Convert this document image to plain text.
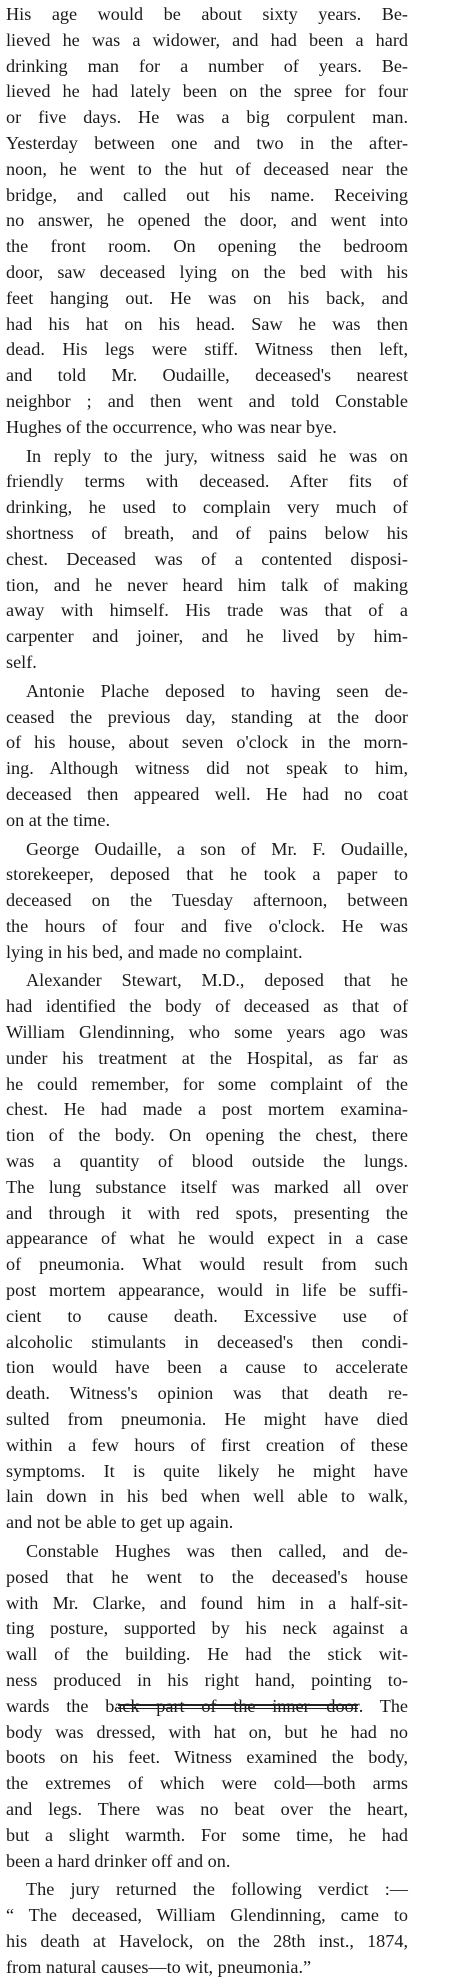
His age would be about sixty years. Be-
lieved he was a widower, and had been a hard
drinking man for a number of years. Be-
lieved he had lately been on the spree for four
or five days. He was a big corpulent man.
Yesterday between one and two in the after-
noon, he went to the hut of deceased near the
bridge, and called out his name. Receiving
no answer, he opened the door, and went into
the front room. On opening the bedroom
door, saw deceased lying on the bed with his
feet hanging out. He was on his back, and
had his hat on his head. Saw he was then
dead. His legs were stiff. Witness then left,
and told Mr. Oudaille, deceased's nearest
neighbor ; and then went and told Constable
Hughes of the occurrence, who was near bye.
In reply to the jury, witness said he was on
friendly terms with deceased. After fits of
drinking, he used to complain very much of
shortness of breath, and of pains below his
chest. Deceased was of a contented disposi-
tion, and he never heard him talk of making
away with himself. His trade was that of a
carpenter and joiner, and he lived by him-
self.
Antonie Plache deposed to having seen de-
ceased the previous day, standing at the door
of his house, about seven o'clock in the morn-
ing. Although witness did not speak to him,
deceased then appeared well. He had no coat
on at the time.
George Oudaille, a son of Mr. F. Oudaille,
storekeeper, deposed that he took a paper to
deceased on the Tuesday afternoon, between
the hours of four and five o'clock. He was
lying in his bed, and made no complaint.
Alexander Stewart, M.D., deposed that he
had identified the body of deceased as that of
William Glendinning, who some years ago was
under his treatment at the Hospital, as far as
he could remember, for some complaint of the
chest. He had made a post mortem examina-
tion of the body. On opening the chest, there
was a quantity of blood outside the lungs.
The lung substance itself was marked all over
and through it with red spots, presenting the
appearance of what he would expect in a case
of pneumonia. What would result from such
post mortem appearance, would in life be suffi-
cient to cause death. Excessive use of
alcoholic stimulants in deceased's then condi-
tion would have been a cause to accelerate
death. Witness's opinion was that death re-
sulted from pneumonia. He might have died
within a few hours of first creation of these
symptoms. It is quite likely he might have
lain down in his bed when well able to walk,
and not be able to get up again.
Constable Hughes was then called, and de-
posed that he went to the deceased's house
with Mr. Clarke, and found him in a half-sit-
ting posture, supported by his neck against a
wall of the building. He had the stick wit-
ness produced in his right hand, pointing to-
wards the back part of the inner door. The
body was dressed, with hat on, but he had no
boots on his feet. Witness examined the body,
the extremes of which were cold—both arms
and legs. There was no beat over the heart,
but a slight warmth. For some time, he had
been a hard drinker off and on.
The jury returned the following verdict :—
“ The deceased, William Glendinning, came to
his death at Havelock, on the 28th inst., 1874,
from natural causes—to wit, pneumonia.”
